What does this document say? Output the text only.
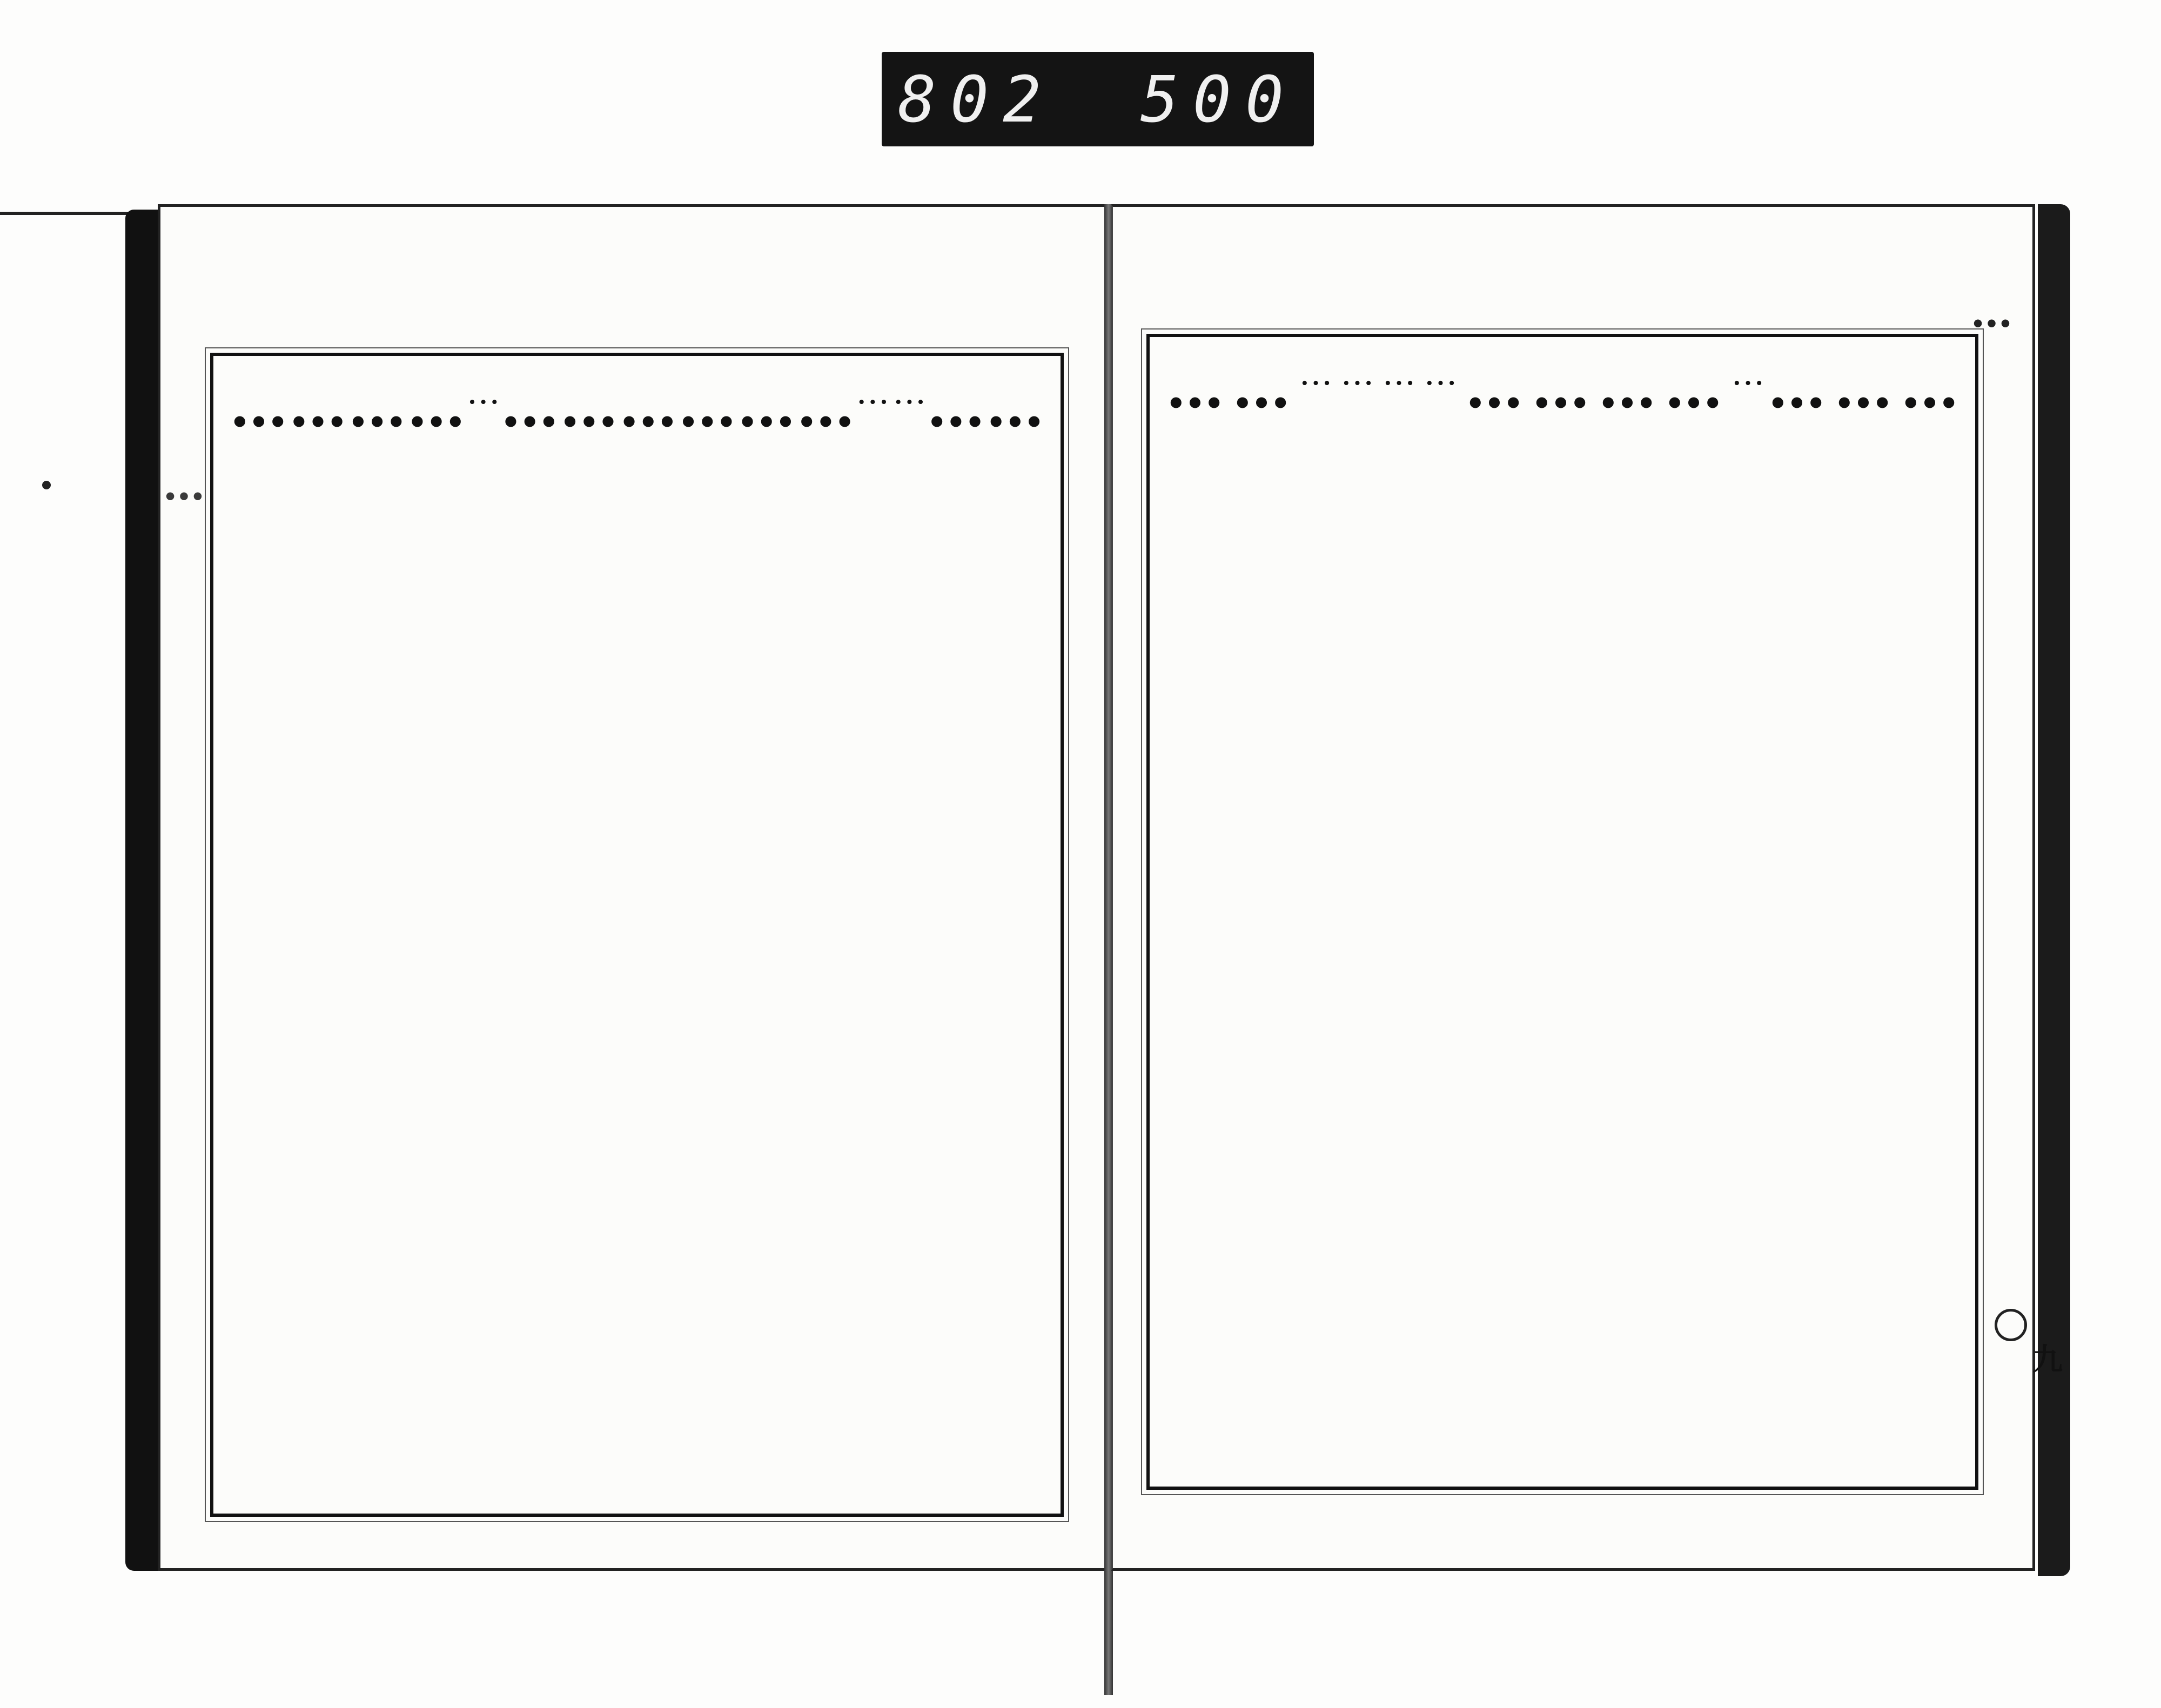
802 500
…
…
…
…
…
…
…
…
…
…
…
…
…
…
…
…
…
九
…
…
…
…
…
…
…
…
…
…
…
…
…
…
